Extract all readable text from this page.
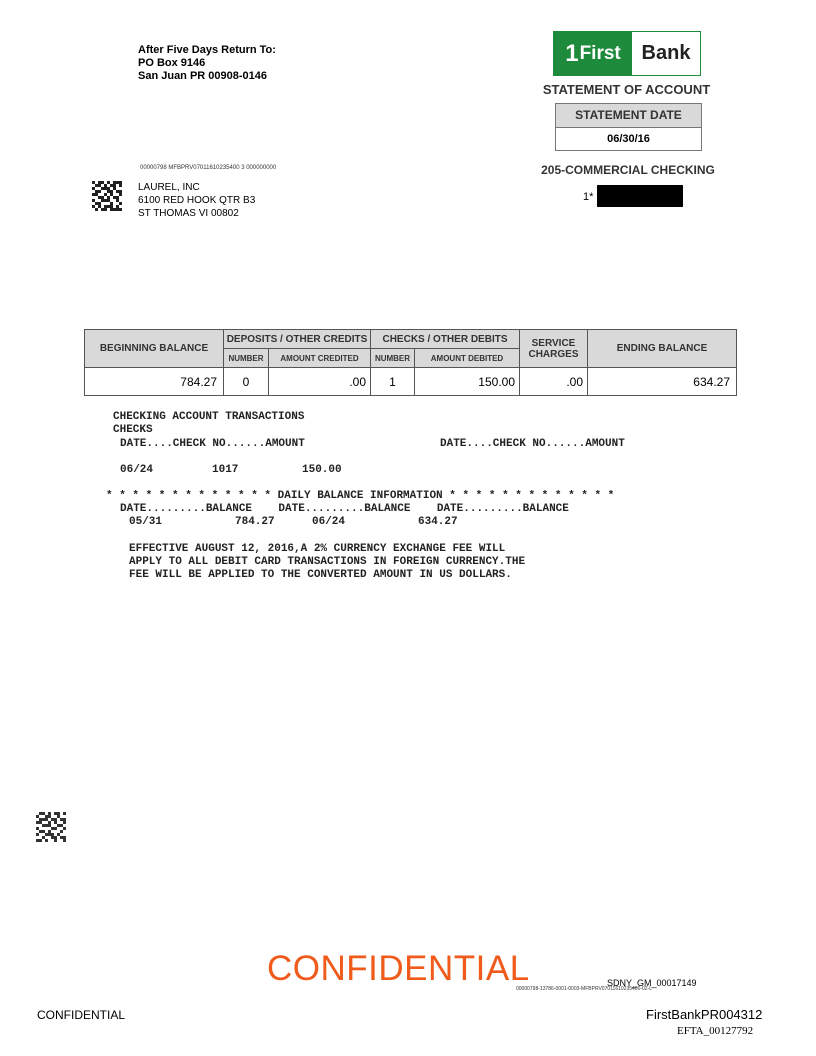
After Five Days Return To:
PO Box 9146
San Juan PR 00908-0146
1 First	Bank
STATEMENT OF ACCOUNT
STATEMENT DATE
06/30/16
205-COMMERCIAL CHECKING
1*
00000798 MFBPRV07011610235400 3 000000000
LAUREL, INC
6100 RED HOOK QTR B3
ST THOMAS VI 00802
BEGINNING BALANCE
DEPOSITS / OTHER CREDITS
NUMBER	AMOUNT CREDITED
CHECKS / OTHER DEBITS
NUMBER	AMOUNT DEBITED
SERVICE
CHARGES	ENDING BALANCE
784.27	0	.00	1	150.00	.00	634.27
CHECKING ACCOUNT TRANSACTIONS
CHECKS
DATE....CHECK NO......AMOUNT	DATE....CHECK NO......AMOUNT
06/24	1017	150.00
* * * * * * * * * * * * * DAILY BALANCE INFORMATION * * * * * * * * * * * * *
DATE.........BALANCE    DATE.........BALANCE    DATE.........BALANCE
05/31	784.27	06/24	634.27
EFFECTIVE AUGUST 12, 2016,A 2% CURRENCY EXCHANGE FEE WILL
APPLY TO ALL DEBIT CARD TRANSACTIONS IN FOREIGN CURRENCY.THE
FEE WILL BE APPLIED TO THE CONVERTED AMOUNT IN US DOLLARS.
CONFIDENTIAL	SDNY_GM_00017149
00000798-13786-0001-0003-MFBPRV07011610235400-02-L
CONFIDENTIAL	FirstBankPR004312
EFTA_00127792
